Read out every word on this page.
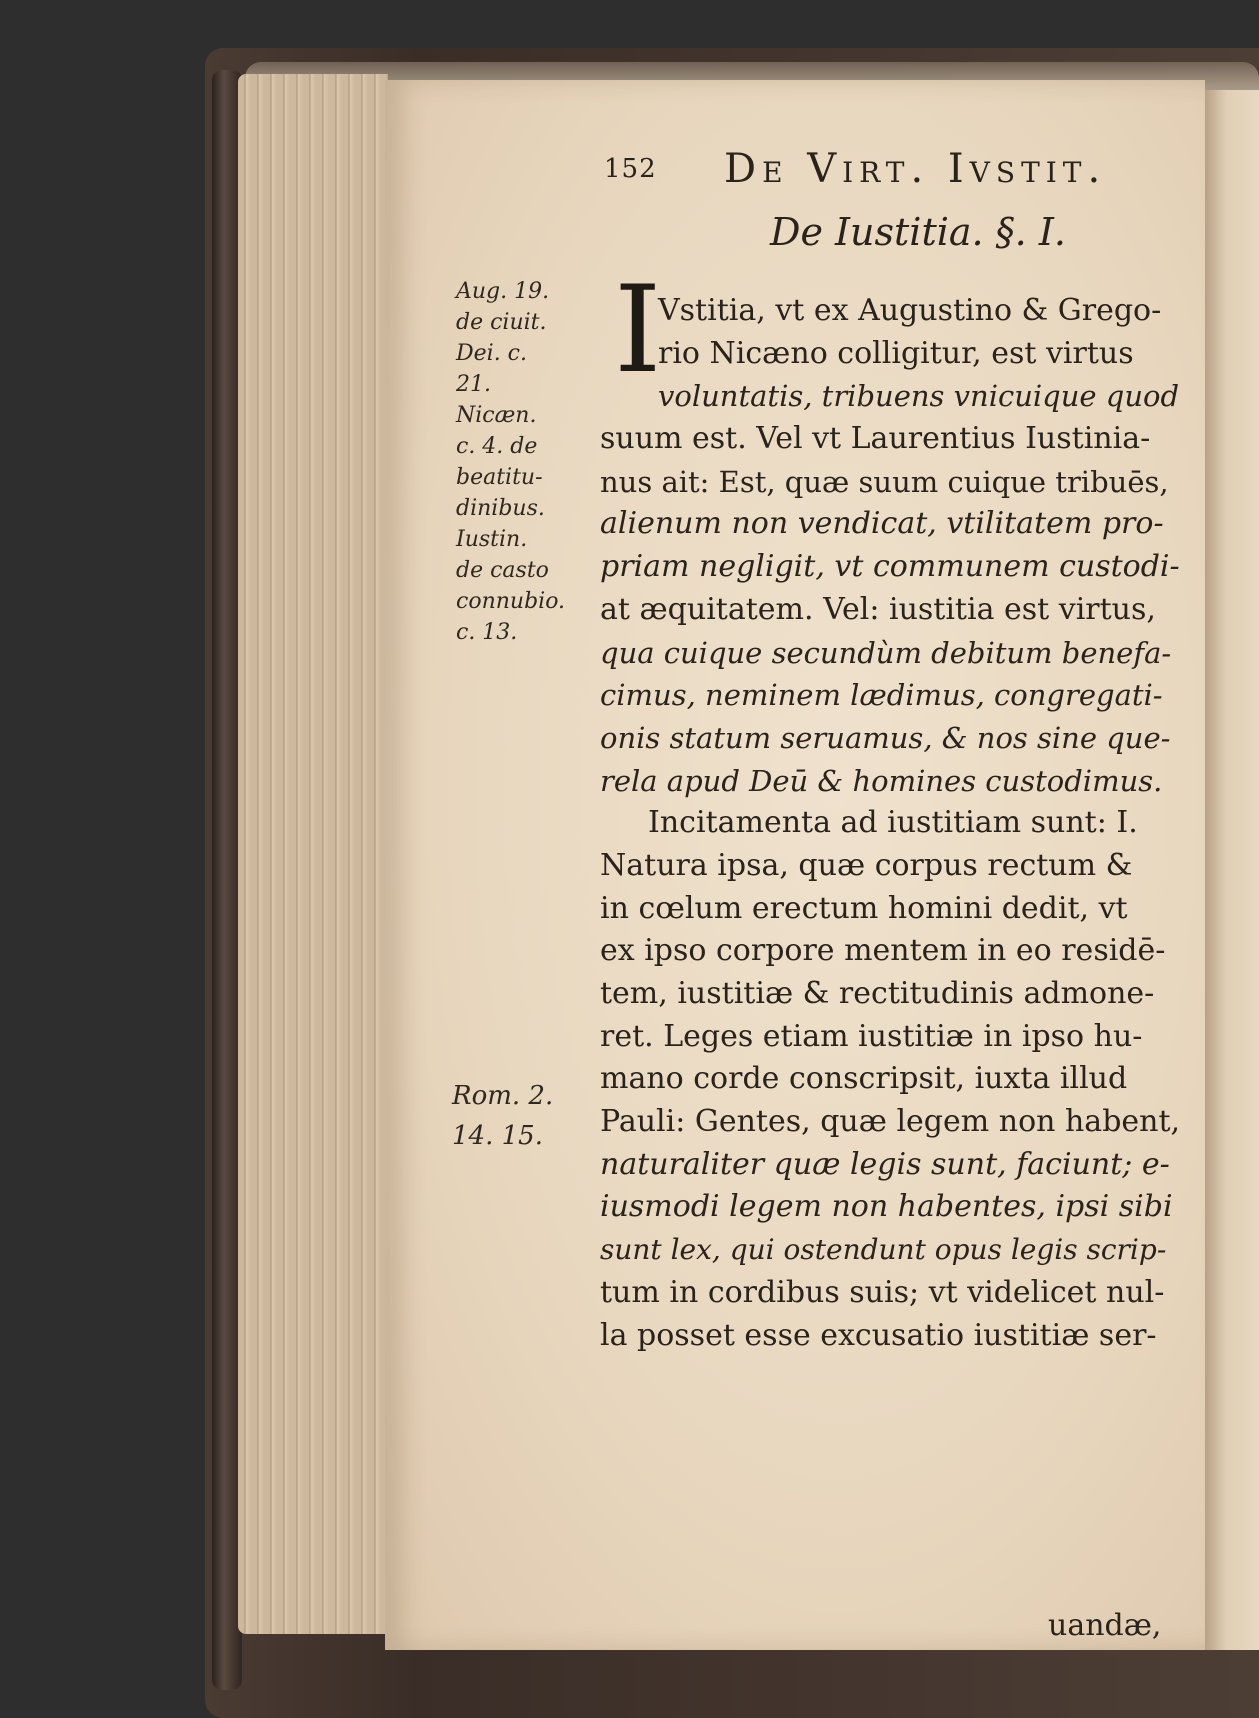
152 De Virt. Ivstit.
De Iustitia. §. I.
Aug. 19.
de ciuit.
Dei. c.
21.
Nicæn.
c. 4. de
beatitu-
dinibus.
Iustin.
de casto
connubio.
c. 13.
Rom. 2.
14. 15.
I
Vstitia, vt ex Augustino & Grego-
rio Nicæno colligitur, est virtus
voluntatis, tribuens vnicuique quod
suum est. Vel vt Laurentius Iustinia-
nus ait: Est, quæ suum cuique tribuēs,
alienum non vendicat, vtilitatem pro-
priam negligit, vt communem custodi-
at æquitatem. Vel: iustitia est virtus,
qua cuique secundùm debitum benefa-
cimus, neminem lædimus, congregati-
onis statum seruamus, & nos sine que-
rela apud Deū & homines custodimus.
Incitamenta ad iustitiam sunt: I.
Natura ipsa, quæ corpus rectum &
in cœlum erectum homini dedit, vt
ex ipso corpore mentem in eo residē-
tem, iustitiæ & rectitudinis admone-
ret. Leges etiam iustitiæ in ipso hu-
mano corde conscripsit, iuxta illud
Pauli: Gentes, quæ legem non habent,
naturaliter quæ legis sunt, faciunt; e-
iusmodi legem non habentes, ipsi sibi
sunt lex, qui ostendunt opus legis scrip-
tum in cordibus suis; vt videlicet nul-
la posset esse excusatio iustitiæ ser-
uandæ,
